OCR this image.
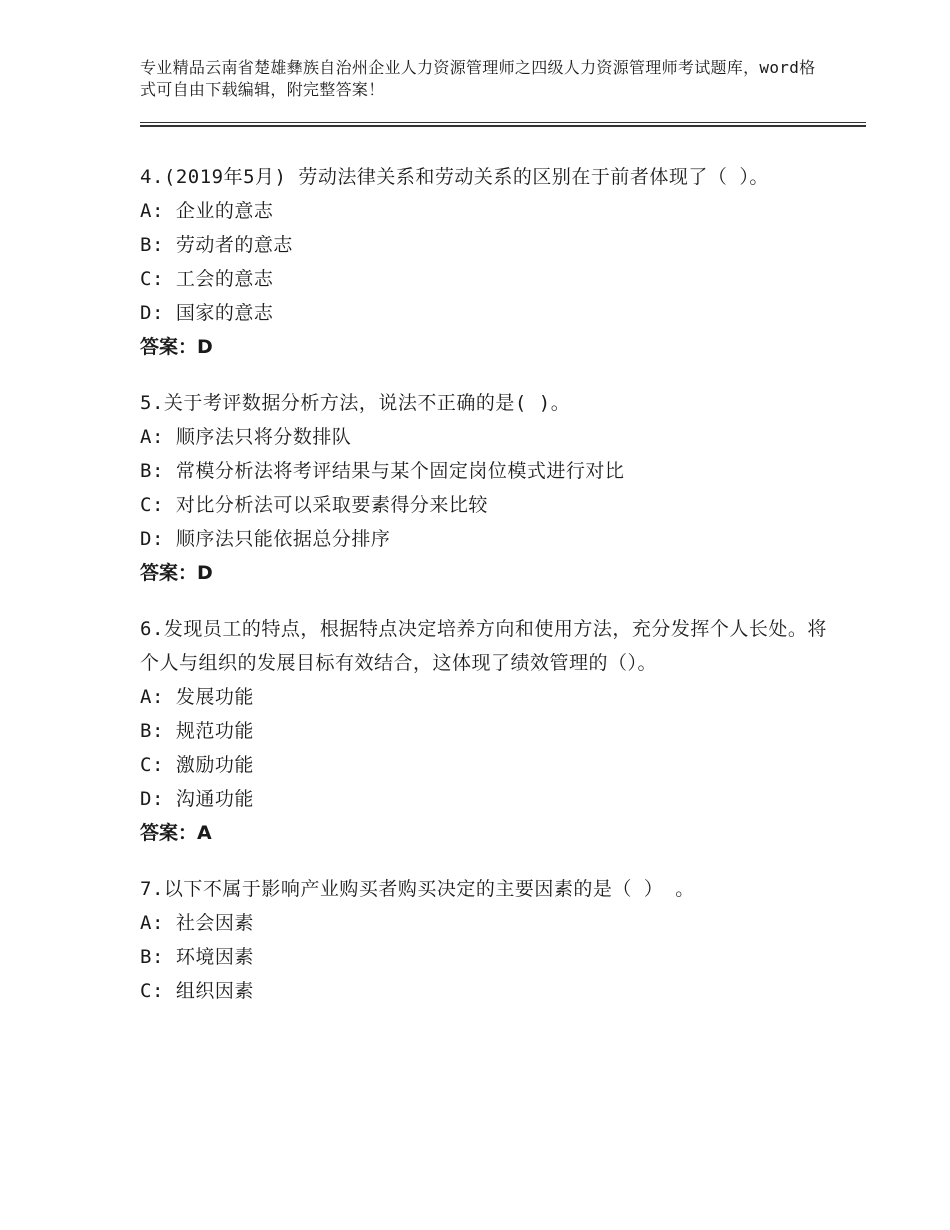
专业精品云南省楚雄彝族自治州企业人力资源管理师之四级人力资源管理师考试题库，word格式可自由下载编辑，附完整答案！
4.(2019年5月) 劳动法律关系和劳动关系的区别在于前者体现了（ ）。
A: 企业的意志
B: 劳动者的意志
C: 工会的意志
D: 国家的意志
答案：D
5.关于考评数据分析方法，说法不正确的是( )。
A: 顺序法只将分数排队
B: 常模分析法将考评结果与某个固定岗位模式进行对比
C: 对比分析法可以采取要素得分来比较
D: 顺序法只能依据总分排序
答案：D
6.发现员工的特点，根据特点决定培养方向和使用方法，充分发挥个人长处。将个人与组织的发展目标有效结合，这体现了绩效管理的（）。
A: 发展功能
B: 规范功能
C: 激励功能
D: 沟通功能
答案：A
7.以下不属于影响产业购买者购买决定的主要因素的是（ ） 。
A: 社会因素
B: 环境因素
C: 组织因素
